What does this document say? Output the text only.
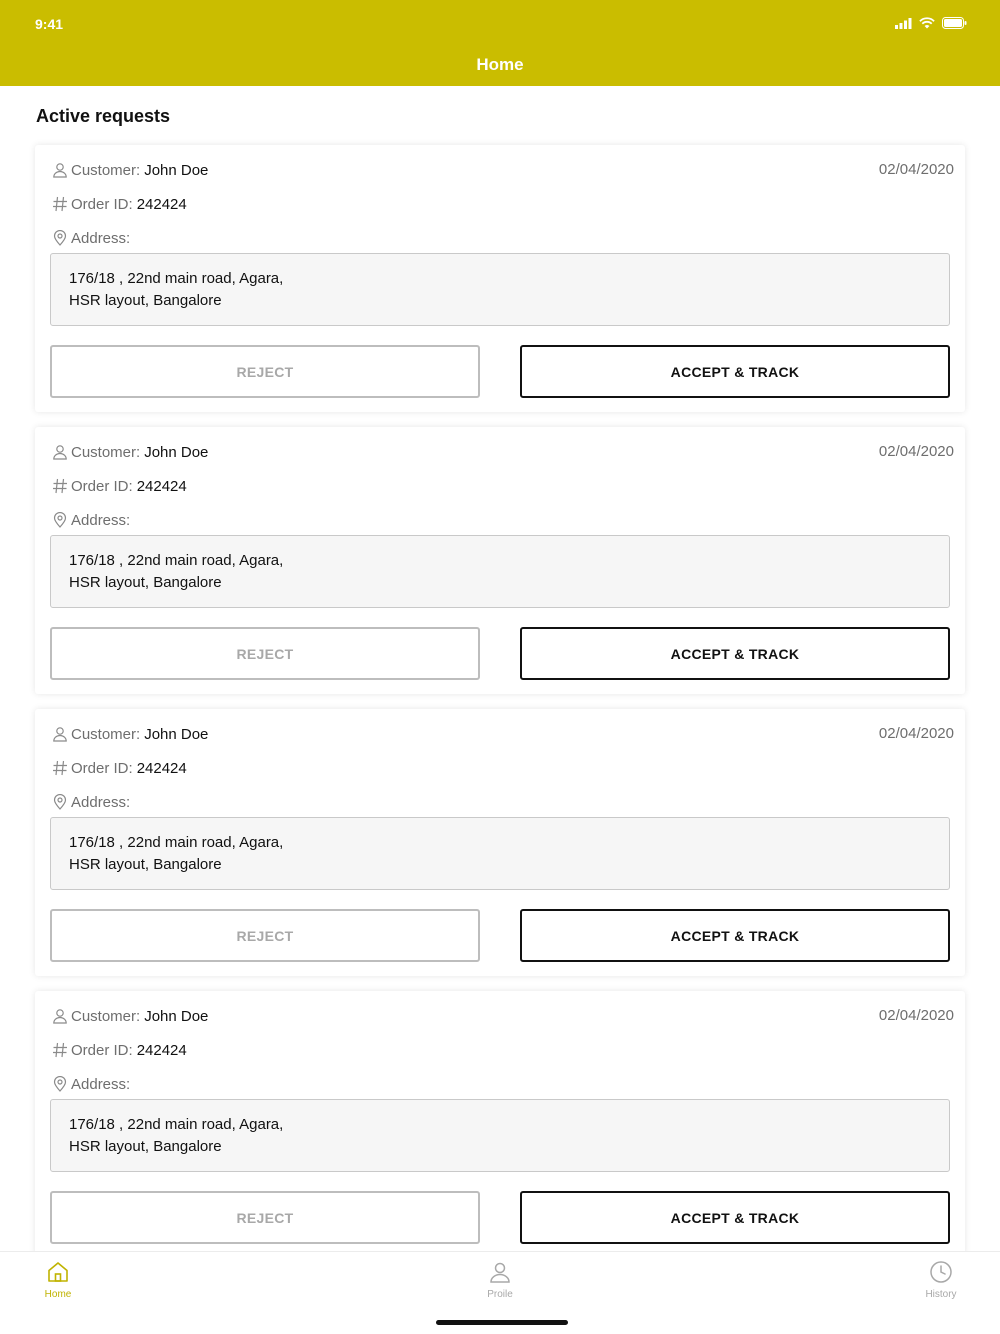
9:41
Home
Active requests
Customer: John Doe	02/04/2020
Order ID: 242424
Address:
176/18 , 22nd main road, Agara,
HSR layout, Bangalore
REJECT	ACCEPT & TRACK
Customer: John Doe	02/04/2020
Order ID: 242424
Address:
176/18 , 22nd main road, Agara,
HSR layout, Bangalore
REJECT	ACCEPT & TRACK
Customer: John Doe	02/04/2020
Order ID: 242424
Address:
176/18 , 22nd main road, Agara,
HSR layout, Bangalore
REJECT	ACCEPT & TRACK
Customer: John Doe	02/04/2020
Order ID: 242424
Address:
176/18 , 22nd main road, Agara,
HSR layout, Bangalore
REJECT	ACCEPT & TRACK
Home	Proile	History
